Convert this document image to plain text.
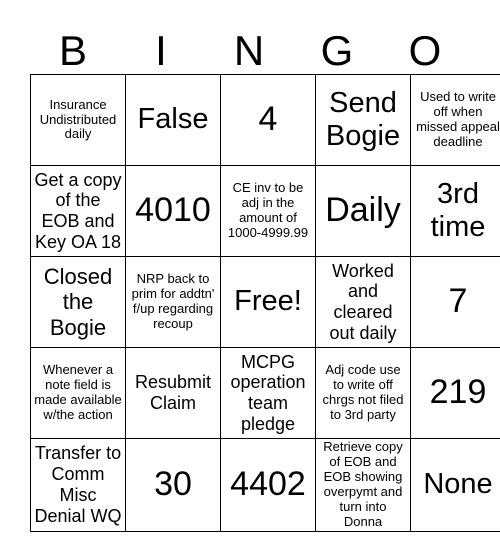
B	I	N	G	O
Insurance Undistributed daily	False	4	Send Bogie	Used to write off when missed appeal deadline
Get a copy of the EOB and Key OA 18	4010	CE inv to be adj in the amount of 1000-4999.99	Daily	3rd time
Closed the Bogie	NRP back to prim for addtn' f/up regarding recoup	Free!	Worked and cleared out daily	7
Whenever a note field is made available w/the action	Resubmit Claim	MCPG operation team pledge	Adj code use to write off chrgs not filed to 3rd party	219
Transfer to Comm Misc Denial WQ	30	4402	Retrieve copy of EOB and EOB showing overpymt and turn into Donna	None
